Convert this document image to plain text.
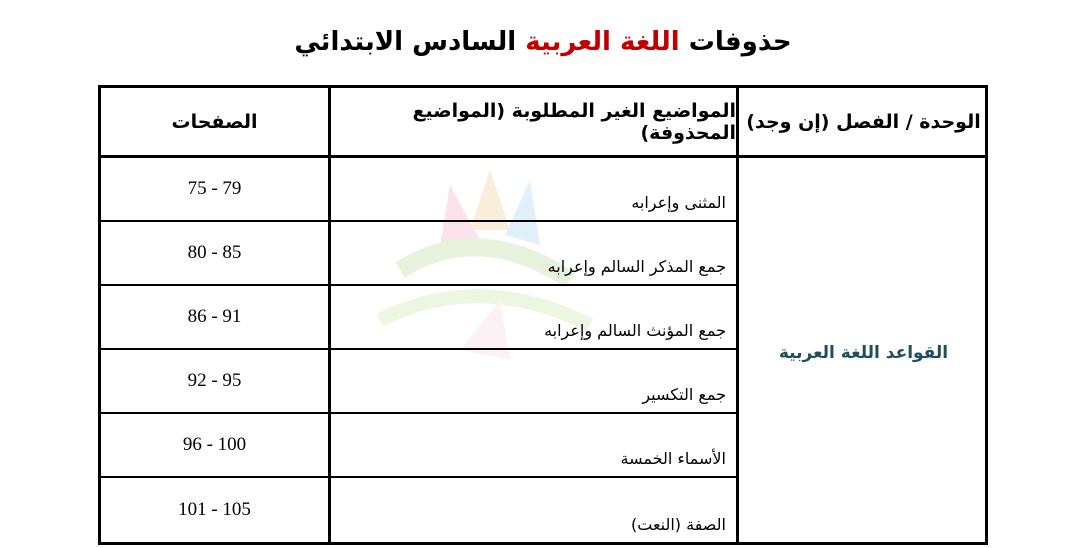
حذوفات اللغة العربية السادس الابتدائي
الصفحات	المواضيع الغير المطلوبة (المواضيع المحذوفة) الوحدة / الفصل (إن وجد)
القواعد اللغة العربية
75 - 79
المثنى وإعرابه
80 - 85
جمع المذكر السالم وإعرابه
86 - 91
جمع المؤنث السالم وإعرابه
92 - 95
جمع التكسير
96 - 100
الأسماء الخمسة
101 - 105
الصفة (النعت)
